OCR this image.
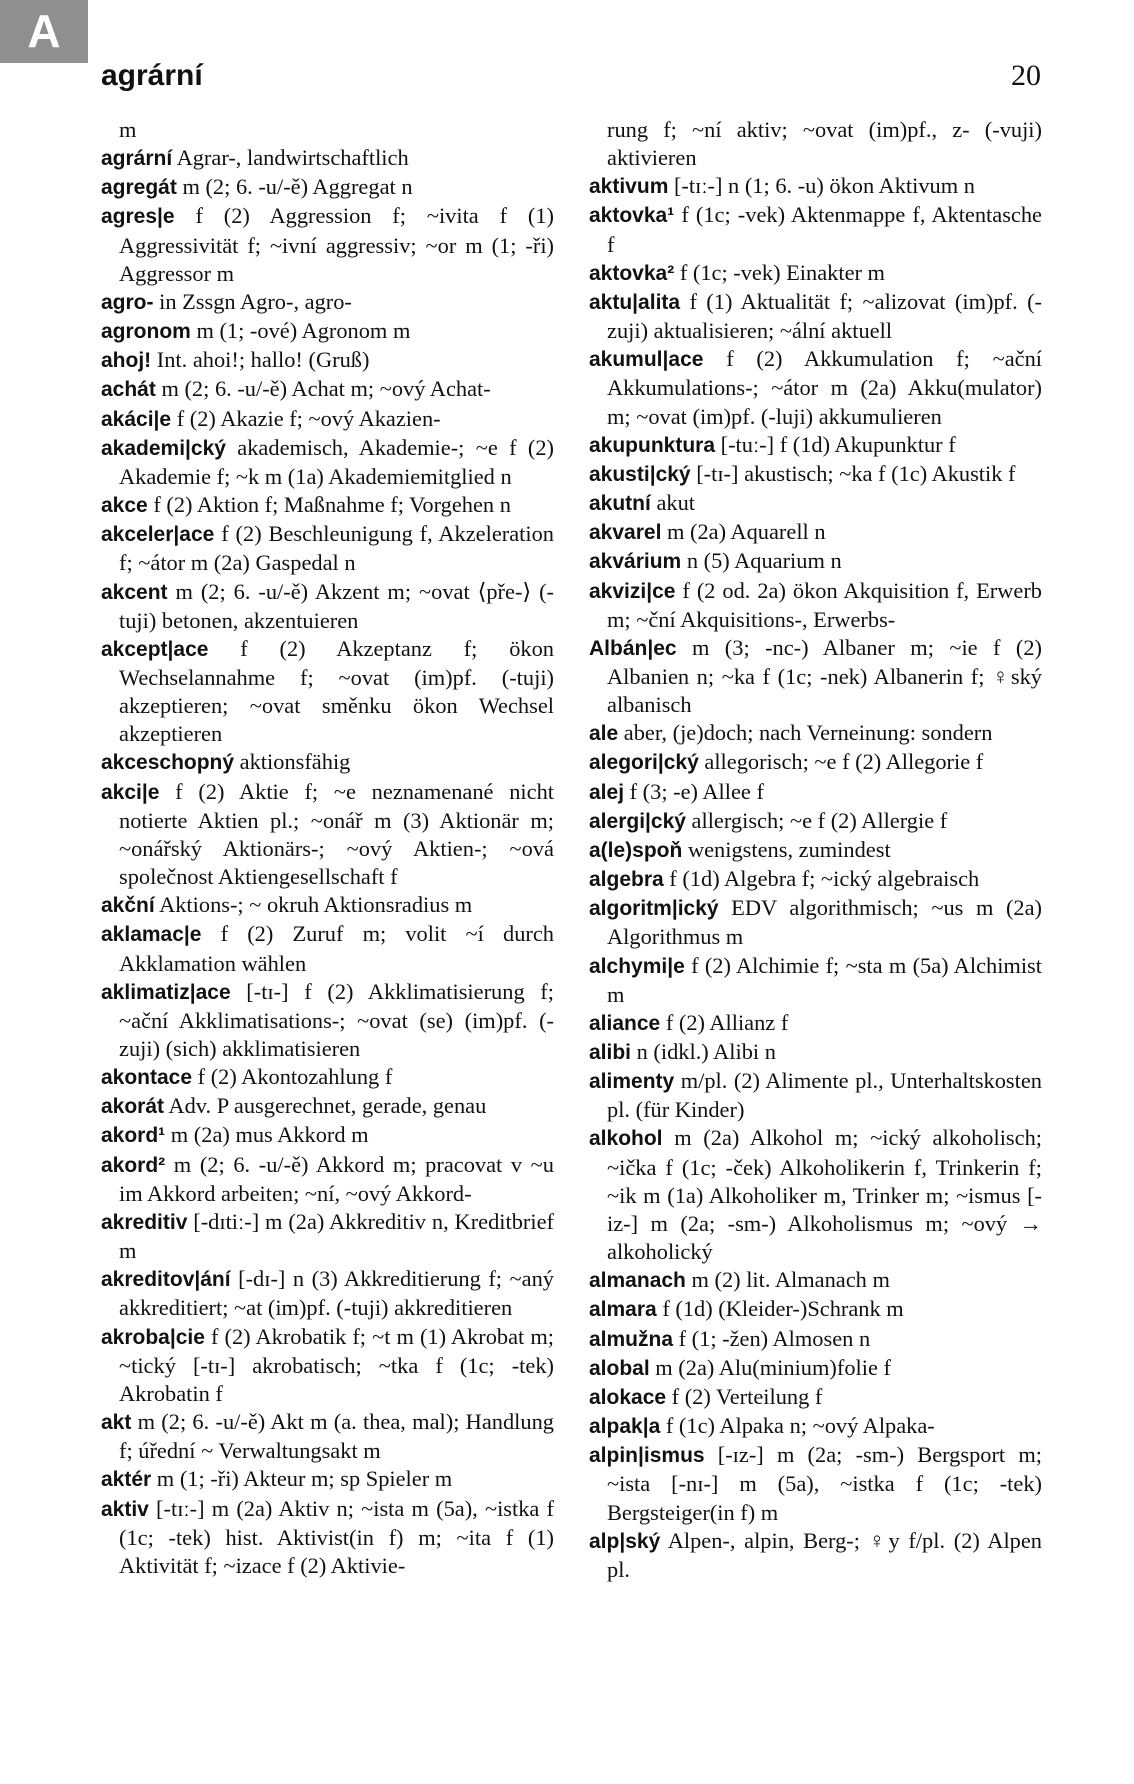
A
agrární	20

m

agrární Agrar-, landwirtschaftlich

agregát m (2; 6. -u/-ě) Aggregat n

agres|e f (2) Aggression f; ~ivita f (1) Aggressivität f; ~ivní aggressiv; ~or m (1; -ři) Aggressor m

agro- in Zssgn Agro-, agro-

agronom m (1; -ové) Agronom m

ahoj! Int. ahoi!; hallo! (Gruß)

achát m (2; 6. -u/-ě) Achat m; ~ový Achat-

akáci|e f (2) Akazie f; ~ový Akazien-

akademi|cký akademisch, Akademie-; ~e f (2) Akademie f; ~k m (1a) Akademiemitglied n

akce f (2) Aktion f; Maßnahme f; Vorgehen n

akceler|ace f (2) Beschleunigung f, Akzeleration f; ~átor m (2a) Gaspedal n

akcent m (2; 6. -u/-ě) Akzent m; ~ovat ⟨pře-⟩ (-tuji) betonen, akzentuieren

akcept|ace f (2) Akzeptanz f; ökon Wechselannahme f; ~ovat (im)pf. (-tuji) akzeptieren; ~ovat směnku ökon Wechsel akzeptieren

akceschopný aktionsfähig

akci|e f (2) Aktie f; ~e neznamenané nicht notierte Aktien pl.; ~onář m (3) Aktionär m; ~onářský Aktionärs-; ~ový Aktien-; ~ová společnost Aktiengesellschaft f

akční Aktions-; ~ okruh Aktionsradius m

aklamac|e f (2) Zuruf m; volit ~í durch Akklamation wählen

aklimatiz|ace [-tɪ-] f (2) Akklimatisierung f; ~ační Akklimatisations-; ~ovat (se) (im)pf. (-zuji) (sich) akklimatisieren

akontace f (2) Akontozahlung f

akorát Adv. P ausgerechnet, gerade, genau

akord¹ m (2a) mus Akkord m

akord² m (2; 6. -u/-ě) Akkord m; pracovat v ~u im Akkord arbeiten; ~ní, ~ový Akkord-

akreditiv [-dɪtiː-] m (2a) Akkreditiv n, Kreditbrief m

akreditov|ání [-dɪ-] n (3) Akkreditierung f; ~aný akkreditiert; ~at (im)pf. (-tuji) akkreditieren

akroba|cie f (2) Akrobatik f; ~t m (1) Akrobat m; ~tický [-tɪ-] akrobatisch; ~tka f (1c; -tek) Akrobatin f

akt m (2; 6. -u/-ě) Akt m (a. thea, mal); Handlung f; úřední ~ Verwaltungsakt m

aktér m (1; -ři) Akteur m; sp Spieler m

aktiv [-tɪː-] m (2a) Aktiv n; ~ista m (5a), ~istka f (1c; -tek) hist. Aktivist(in f) m; ~ita f (1) Aktivität f; ~izace f (2) Aktivie-

rung f; ~ní aktiv; ~ovat (im)pf., z- (-vuji) aktivieren

aktivum [-tɪː-] n (1; 6. -u) ökon Aktivum n

aktovka¹ f (1c; -vek) Aktenmappe f, Aktentasche f

aktovka² f (1c; -vek) Einakter m

aktu|alita f (1) Aktualität f; ~alizovat (im)pf. (-zuji) aktualisieren; ~ální aktuell

akumul|ace f (2) Akkumulation f; ~ační Akkumulations-; ~átor m (2a) Akku(mulator) m; ~ovat (im)pf. (-luji) akkumulieren

akupunktura [-tuː-] f (1d) Akupunktur f

akusti|cký [-tɪ-] akustisch; ~ka f (1c) Akustik f

akutní akut

akvarel m (2a) Aquarell n

akvárium n (5) Aquarium n

akvizi|ce f (2 od. 2a) ökon Akquisition f, Erwerb m; ~ční Akquisitions-, Erwerbs-

Albán|ec m (3; -nc-) Albaner m; ~ie f (2) Albanien n; ~ka f (1c; -nek) Albanerin f; ♀ský albanisch

ale aber, (je)doch; nach Verneinung: sondern

alegori|cký allegorisch; ~e f (2) Allegorie f

alej f (3; -e) Allee f

alergi|cký allergisch; ~e f (2) Allergie f

a(le)spoň wenigstens, zumindest

algebra f (1d) Algebra f; ~ický algebraisch

algoritm|ický EDV algorithmisch; ~us m (2a) Algorithmus m

alchymi|e f (2) Alchimie f; ~sta m (5a) Alchimist m

aliance f (2) Allianz f

alibi n (idkl.) Alibi n

alimenty m/pl. (2) Alimente pl., Unterhaltskosten pl. (für Kinder)

alkohol m (2a) Alkohol m; ~ický alkoholisch; ~ička f (1c; -ček) Alkoholikerin f, Trinkerin f; ~ik m (1a) Alkoholiker m, Trinker m; ~ismus [-iz-] m (2a; -sm-) Alkoholismus m; ~ový → alkoholický

almanach m (2) lit. Almanach m

almara f (1d) (Kleider-)Schrank m

almužna f (1; -žen) Almosen n

alobal m (2a) Alu(minium)folie f

alokace f (2) Verteilung f

alpak|a f (1c) Alpaka n; ~ový Alpaka-

alpin|ismus [-ɪz-] m (2a; -sm-) Bergsport m; ~ista [-nɪ-] m (5a), ~istka f (1c; -tek) Bergsteiger(in f) m

alp|ský Alpen-, alpin, Berg-; ♀y f/pl. (2) Alpen pl.
